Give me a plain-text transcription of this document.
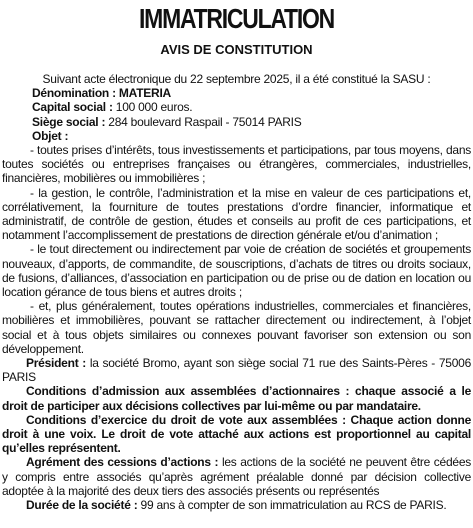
IMMATRICULATION
AVIS DE CONSTITUTION

Suivant acte électronique du 22 septembre 2025, il a été constitué la SASU :

Dénomination : MATERIA

Capital social : 100 000 euros.

Siège social : 284 boulevard Raspail - 75014 PARIS

Objet :

- toutes prises d’intérêts, tous investissements et participations, par tous moyens, dans toutes sociétés ou entreprises françaises ou étrangères, commerciales, industrielles, financières, mobilières ou immobilières ;

- la gestion, le contrôle, l’administration et la mise en valeur de ces participations et, corrélativement, la fourniture de toutes prestations d’ordre financier, informatique et administratif, de contrôle de gestion, études et conseils au profit de ces participations, et notamment l’accomplissement de prestations de direction générale et/ou d’animation ;

- le tout directement ou indirectement par voie de création de sociétés et groupements nouveaux, d’apports, de commandite, de souscriptions, d’achats de titres ou droits sociaux, de fusions, d’alliances, d’association en participation ou de prise ou de dation en location ou location gérance de tous biens et autres droits ;

- et, plus généralement, toutes opérations industrielles, commerciales et financières, mobilières et immobilières, pouvant se rattacher directement ou indirectement, à l’objet social et à tous objets similaires ou connexes pouvant favoriser son extension ou son développement.

Président : la société Bromo, ayant son siège social 71 rue des Saints-Pères - 75006 PARIS

Conditions d’admission aux assemblées d’actionnaires : chaque associé a le droit de participer aux décisions collectives par lui-même ou par mandataire.

Conditions d’exercice du droit de vote aux assemblées : Chaque action donne droit à une voix. Le droit de vote attaché aux actions est proportionnel au capital qu’elles représentent.

Agrément des cessions d’actions : les actions de la société ne peuvent être cédées y compris entre associés qu’après agrément préalable donné par décision collective adoptée à la majorité des deux tiers des associés présents ou représentés

Durée de la société : 99 ans à compter de son immatriculation au RCS de PARIS.
